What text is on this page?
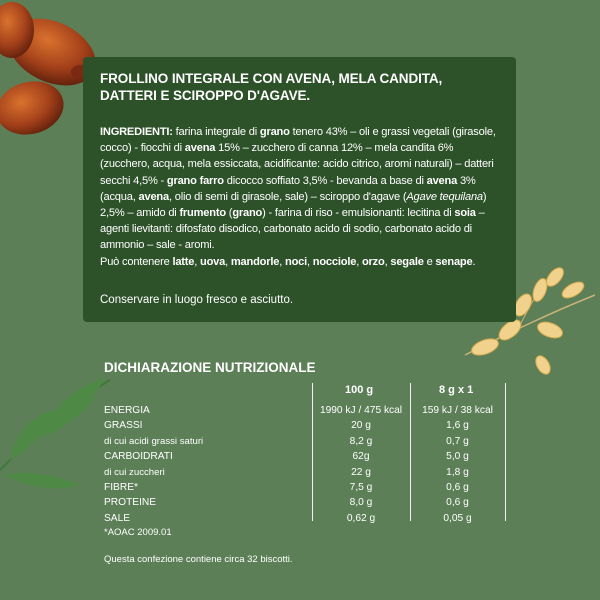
FROLLINO INTEGRALE CON AVENA, MELA CANDITA,
DATTERI E SCIROPPO D'AGAVE.
INGREDIENTI: farina integrale di grano tenero 43% – oli e grassi vegetali (girasole, cocco) - fiocchi di avena 15% – zucchero di canna 12% – mela candita 6% (zucchero, acqua, mela essiccata, acidificante: acido citrico, aromi naturali) – datteri secchi 4,5% - grano farro dicocco soffiato 3,5% - bevanda a base di avena 3% (acqua, avena, olio di semi di girasole, sale) – sciroppo d'agave (Agave tequilana) 2,5% – amido di frumento (grano) - farina di riso - emulsionanti: lecitina di soia – agenti lievitanti: difosfato disodico, carbonato acido di sodio, carbonato acido di ammonio – sale - aromi.
Può contenere latte, uova, mandorle, noci, nocciole, orzo, segale e senape.
Conservare in luogo fresco e asciutto.
DICHIARAZIONE NUTRIZIONALE
100 g	8 g x 1
ENERGIA	1990 kJ / 475 kcal	159 kJ / 38 kcal
GRASSI	20 g	1,6 g
di cui acidi grassi saturi	8,2 g	0,7 g
CARBOIDRATI	62g	5,0 g
di cui zuccheri	22 g	1,8 g
FIBRE*	7,5 g	0,6 g
PROTEINE	8,0 g	0,6 g
SALE	0,62 g	0,05 g
*AOAC 2009.01
Questa confezione contiene circa 32 biscotti.
